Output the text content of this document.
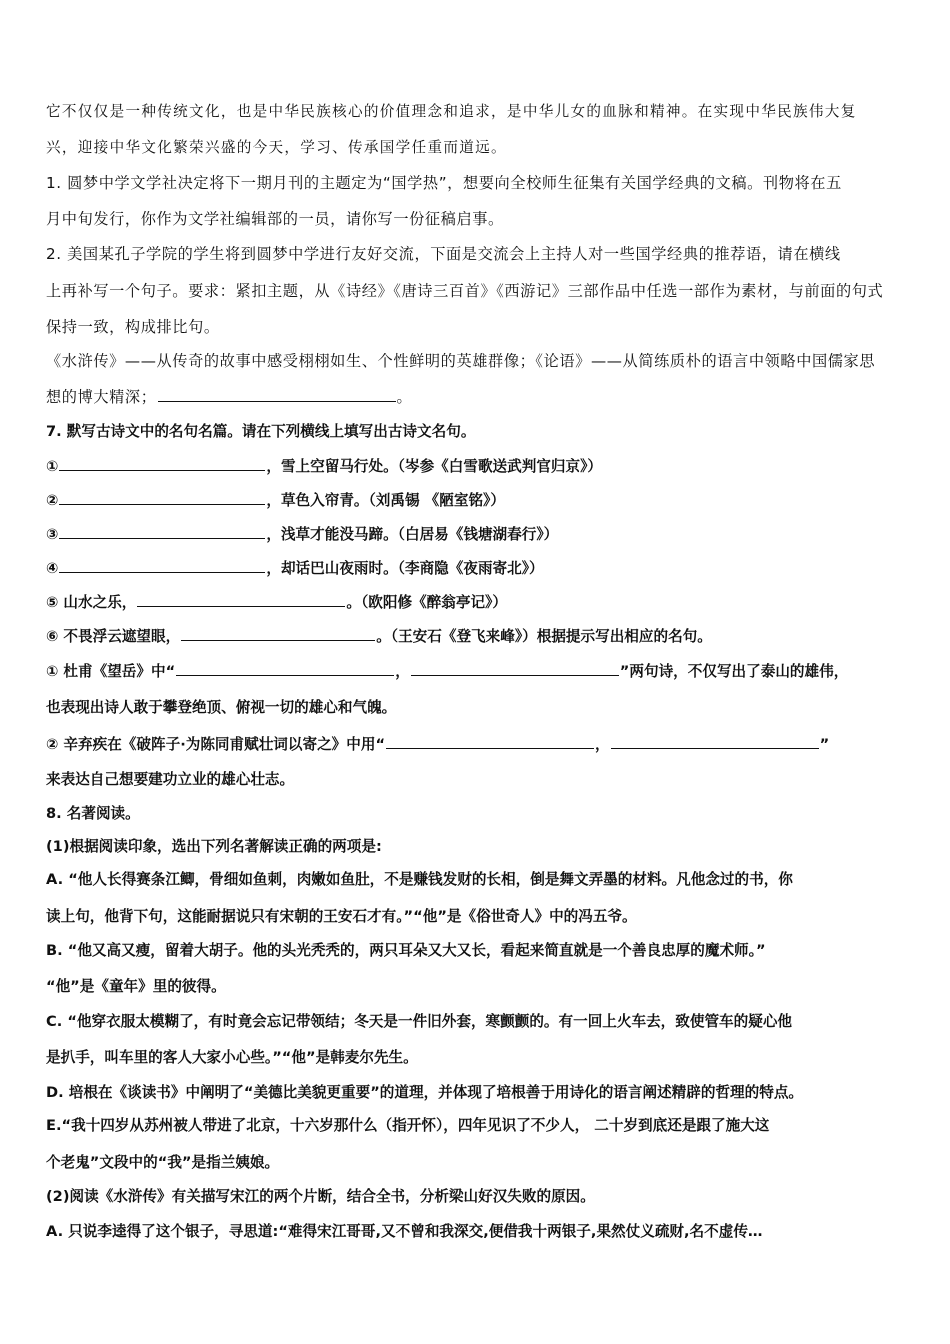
它不仅仅是一种传统文化，也是中华民族核心的价值理念和追求，是中华儿女的血脉和精神。在实现中华民族伟大复
兴，迎接中华文化繁荣兴盛的今天，学习、传承国学任重而道远。
1. 圆梦中学文学社决定将下一期月刊的主题定为“国学热”，想要向全校师生征集有关国学经典的文稿。刊物将在五
月中旬发行，你作为文学社编辑部的一员，请你写一份征稿启事。
2. 美国某孔子学院的学生将到圆梦中学进行友好交流，下面是交流会上主持人对一些国学经典的推荐语，请在横线
上再补写一个句子。要求：紧扣主题，从《诗经》《唐诗三百首》《西游记》三部作品中任选一部作为素材，与前面的句式
保持一致，构成排比句。
《水浒传》——从传奇的故事中感受栩栩如生、个性鲜明的英雄群像；《论语》——从简练质朴的语言中领略中国儒家思
想的博大精深；	。
7. 默写古诗文中的名句名篇。请在下列横线上填写出古诗文名句。
①	，雪上空留马行处。（岑参《白雪歌送武判官归京》）
②	，草色入帘青。（刘禹锡 《陋室铭》）
③	，浅草才能没马蹄。（白居易《钱塘湖春行》）
④	，却话巴山夜雨时。（李商隐《夜雨寄北》）
⑤ 山水之乐，	。（欧阳修《醉翁亭记》）
⑥ 不畏浮云遮望眼，	。（王安石《登飞来峰》）根据提示写出相应的名句。
① 杜甫《望岳》中“	，	”两句诗，不仅写出了泰山的雄伟，
也表现出诗人敢于攀登绝顶、俯视一切的雄心和气魄。
② 辛弃疾在《破阵子·为陈同甫赋壮词以寄之》中用“	，	”
来表达自己想要建功立业的雄心壮志。
8. 名著阅读。
(1)根据阅读印象，选出下列名著解读正确的两项是:
A. “他人长得赛条江鲫，骨细如鱼刺，肉嫩如鱼肚，不是赚钱发财的长相，倒是舞文弄墨的材料。凡他念过的书，你
读上句，他背下句，这能耐据说只有宋朝的王安石才有。”“他”是《俗世奇人》中的冯五爷。
B. “他又高又瘦，留着大胡子。他的头光秃秃的，两只耳朵又大又长，看起来简直就是一个善良忠厚的魔术师。”
“他”是《童年》里的彼得。
C. “他穿衣服太模糊了，有时竟会忘记带领结；冬天是一件旧外套，寒颤颤的。有一回上火车去，致使管车的疑心他
是扒手，叫车里的客人大家小心些。”“他”是韩麦尔先生。
D. 培根在《谈读书》中阐明了“美德比美貌更重要”的道理，并体现了培根善于用诗化的语言阐述精辟的哲理的特点。
E.“我十四岁从苏州被人带进了北京，十六岁那什么（指开怀），四年见识了不少人， 二十岁到底还是跟了施大这
个老鬼”文段中的“我”是指兰姨娘。
(2)阅读《水浒传》有关描写宋江的两个片断，结合全书，分析梁山好汉失败的原因。
A. 只说李逵得了这个银子，寻思道:“难得宋江哥哥,又不曾和我深交,便借我十两银子,果然仗义疏财,名不虚传…
